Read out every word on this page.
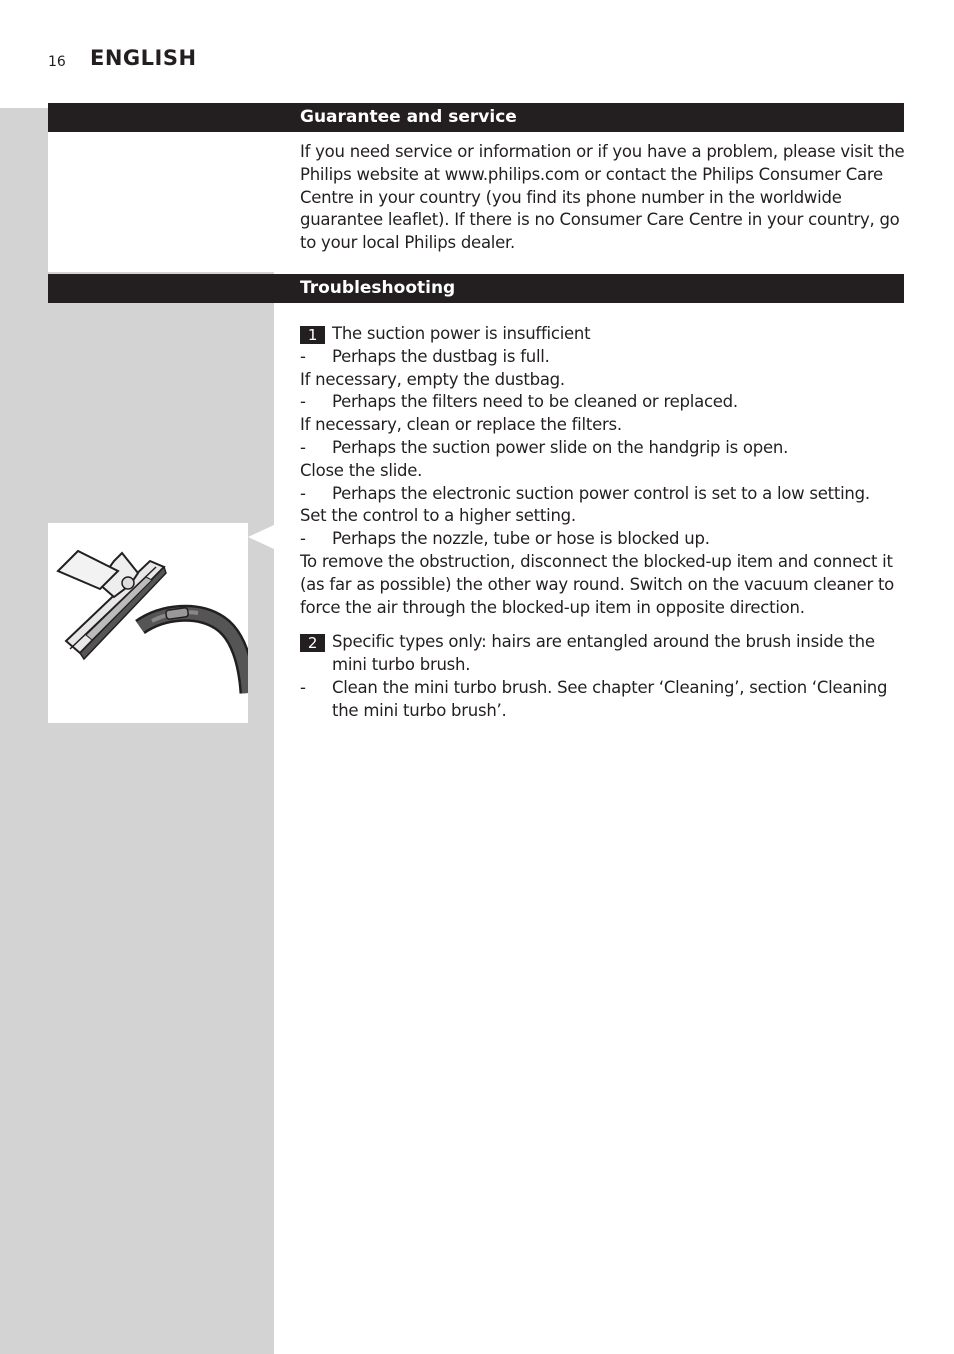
16 ENGLISH
Guarantee and service

If you need service or information or if you have a problem, please visit the Philips website at www.philips.com or contact the Philips Consumer Care Centre in your country (you find its phone number in the worldwide guarantee leaflet). If there is no Consumer Care Centre in your country, go to your local Philips dealer.

Troubleshooting
1 The suction power is insufficient
- Perhaps the dustbag is full.
If necessary, empty the dustbag.
- Perhaps the filters need to be cleaned or replaced.
If necessary, clean or replace the filters.
- Perhaps the suction power slide on the handgrip is open.
Close the slide.
- Perhaps the electronic suction power control is set to a low setting.
Set the control to a higher setting.
- Perhaps the nozzle, tube or hose is blocked up.
To remove the obstruction, disconnect the blocked-up item and connect it (as far as possible) the other way round. Switch on the vacuum cleaner to force the air through the blocked-up item in opposite direction.
2 Specific types only: hairs are entangled around the brush inside the mini turbo brush.
- Clean the mini turbo brush. See chapter ‘Cleaning’, section ‘Cleaning the mini turbo brush’.
